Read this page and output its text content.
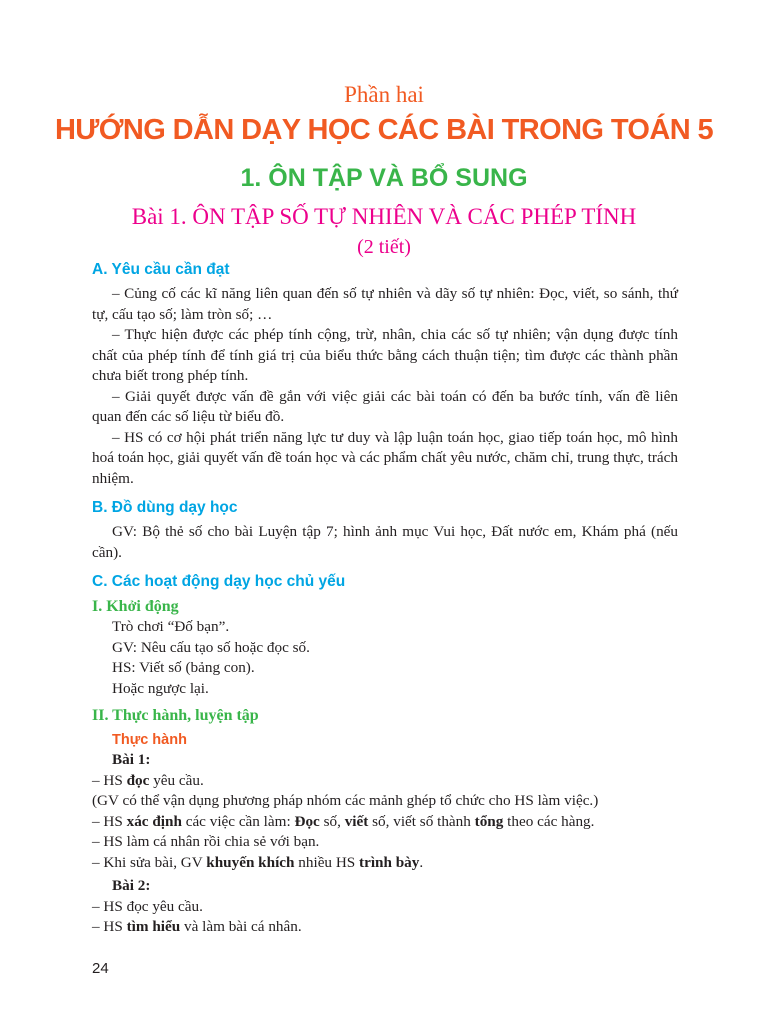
Phần hai
HƯỚNG DẪN DẠY HỌC CÁC BÀI TRONG TOÁN 5
1. ÔN TẬP VÀ BỔ SUNG
Bài 1. ÔN TẬP SỐ TỰ NHIÊN VÀ CÁC PHÉP TÍNH
(2 tiết)
A. Yêu cầu cần đạt

– Củng cố các kĩ năng liên quan đến số tự nhiên và dãy số tự nhiên: Đọc, viết, so sánh, thứ tự, cấu tạo số; làm tròn số; …

– Thực hiện được các phép tính cộng, trừ, nhân, chia các số tự nhiên; vận dụng được tính chất của phép tính để tính giá trị của biểu thức bằng cách thuận tiện; tìm được các thành phần chưa biết trong phép tính.

– Giải quyết được vấn đề gắn với việc giải các bài toán có đến ba bước tính, vấn đề liên quan đến các số liệu từ biểu đồ.

– HS có cơ hội phát triển năng lực tư duy và lập luận toán học, giao tiếp toán học, mô hình hoá toán học, giải quyết vấn đề toán học và các phẩm chất yêu nước, chăm chỉ, trung thực, trách nhiệm.

B. Đồ dùng dạy học

GV: Bộ thẻ số cho bài Luyện tập 7; hình ảnh mục Vui học, Đất nước em, Khám phá (nếu cần).

C. Các hoạt động dạy học chủ yếu
I. Khởi động

Trò chơi “Đố bạn”.

GV: Nêu cấu tạo số hoặc đọc số.

HS: Viết số (bảng con).

Hoặc ngược lại.

II. Thực hành, luyện tập
Thực hành

Bài 1:

– HS đọc yêu cầu.

(GV có thể vận dụng phương pháp nhóm các mảnh ghép tổ chức cho HS làm việc.)

– HS xác định các việc cần làm: Đọc số, viết số, viết số thành tổng theo các hàng.

– HS làm cá nhân rồi chia sẻ với bạn.

– Khi sửa bài, GV khuyến khích nhiều HS trình bày.

Bài 2:

– HS đọc yêu cầu.

– HS tìm hiểu và làm bài cá nhân.

24
